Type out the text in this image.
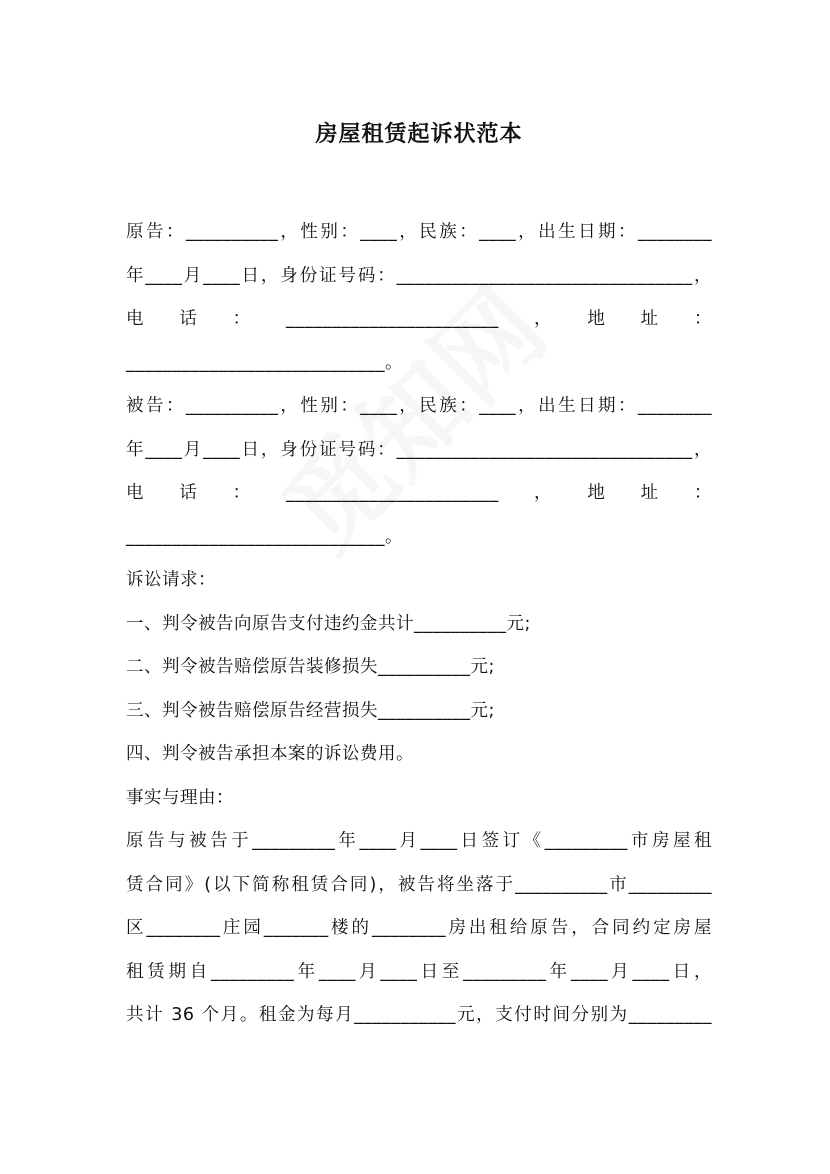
房屋租赁起诉状范本
原告：__________，性别：____，民族：____，出生日期：________
年____月____日，身份证号码：________________________________，
电 话 ： _______________________ ， 地 址 ：
____________________________。
被告：__________，性别：____，民族：____，出生日期：________
年____月____日，身份证号码：________________________________，
电 话 ： _______________________ ， 地 址 ：
____________________________。
诉讼请求：
一、判令被告向原告支付违约金共计__________元;
二、判令被告赔偿原告装修损失__________元;
三、判令被告赔偿原告经营损失__________元;
四、判令被告承担本案的诉讼费用。
事实与理由：
原告与被告于_________年____月____日签订《_________市房屋租
赁合同》(以下简称租赁合同)，被告将坐落于__________市_________
区________庄园_______楼的________房出租给原告，合同约定房屋
租赁期自_________年____月____日至_________年____月____日，
共计 36 个月。租金为每月___________元，支付时间分别为_________
